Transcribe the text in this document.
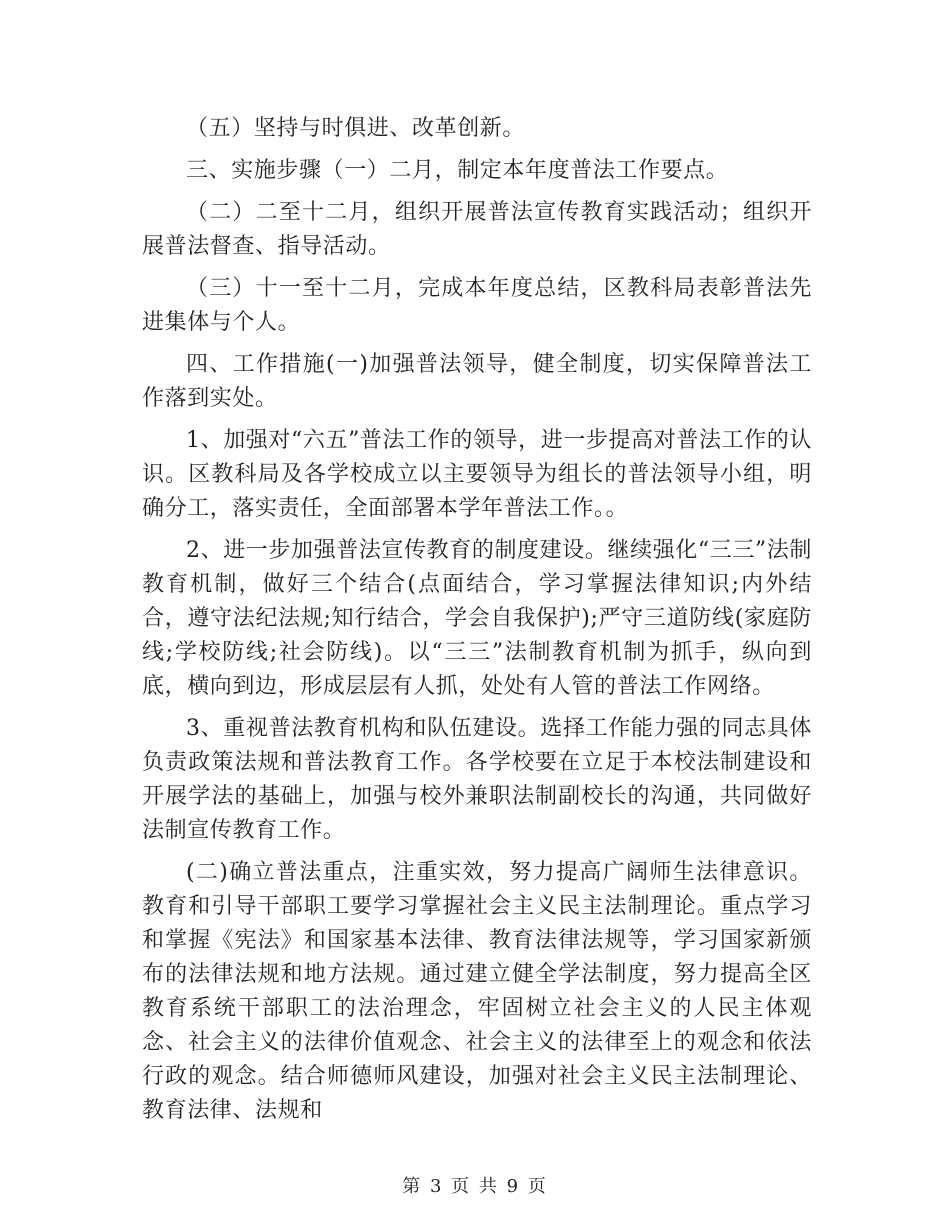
（五）坚持与时俱进、改革创新。

三、实施步骤（一）二月，制定本年度普法工作要点。

（二）二至十二月，组织开展普法宣传教育实践活动；组织开展普法督查、指导活动。

（三）十一至十二月，完成本年度总结，区教科局表彰普法先进集体与个人。

四、工作措施(一)加强普法领导，健全制度，切实保障普法工作落到实处。

1、加强对“六五”普法工作的领导，进一步提高对普法工作的认识。区教科局及各学校成立以主要领导为组长的普法领导小组，明确分工，落实责任，全面部署本学年普法工作。。

2、进一步加强普法宣传教育的制度建设。继续强化“三三”法制教育机制，做好三个结合(点面结合，学习掌握法律知识;内外结合，遵守法纪法规;知行结合，学会自我保护);严守三道防线(家庭防线;学校防线;社会防线)。以“三三”法制教育机制为抓手，纵向到底，横向到边，形成层层有人抓，处处有人管的普法工作网络。

3、重视普法教育机构和队伍建设。选择工作能力强的同志具体负责政策法规和普法教育工作。各学校要在立足于本校法制建设和开展学法的基础上，加强与校外兼职法制副校长的沟通，共同做好法制宣传教育工作。

(二)确立普法重点，注重实效，努力提高广阔师生法律意识。教育和引导干部职工要学习掌握社会主义民主法制理论。重点学习和掌握《宪法》和国家基本法律、教育法律法规等，学习国家新颁布的法律法规和地方法规。通过建立健全学法制度，努力提高全区教育系统干部职工的法治理念，牢固树立社会主义的人民主体观念、社会主义的法律价值观念、社会主义的法律至上的观念和依法行政的观念。结合师德师风建设，加强对社会主义民主法制理论、教育法律、法规和

第 3 页 共 9 页
